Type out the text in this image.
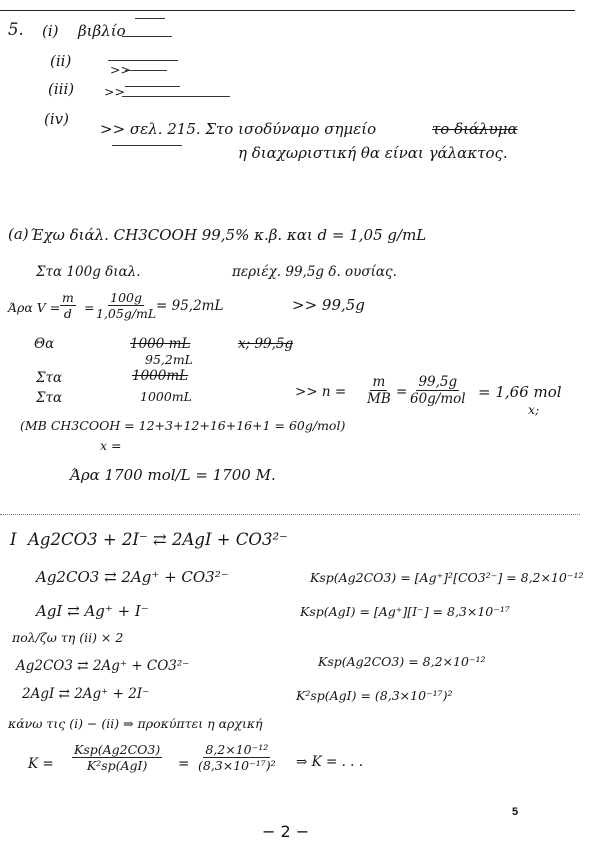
5. (i) βιβλίο
(ii)	>>
(iii) >>
(iv)
>> σελ. 215. Στο ισοδύναμο σημείο	το διάλυμα
η διαχωριστική θα είναι γάλακτος.
(a) Έχω διάλ. CH3COOH 99,5% κ.β. και d = 1,05 g/mL
Στα 100g διαλ.	περιέχ. 99,5g δ. ουσίας.
Άρα $V = \frac{m}{d} = \frac{100g}{1,05g/mL}$
= 95,2mL	>> 99,5g
Θα	1000 mL	x; 99,5g
95,2mL
Στα	1000mL
Στα	1000mL	>> $n = \frac{m}{MB}$ =
99,5g
60g/mol = 1,66 mol
x;
(MB CH3COOH = 12+3+12+16+16+1 = 60g/mol)
x =
Άρα 1700 mol/L = 1700 M.
I Ag2CO3 + 2I⁻ ⇄ 2AgI + CO3²⁻
Ag2CO3 ⇄ 2Ag⁺ + CO3²⁻	Ksp(Ag2CO3) = [Ag⁺]²[CO3²⁻] = 8,2×10⁻¹²
AgI ⇄ Ag⁺ + I⁻	Ksp(AgI) = [Ag⁺][I⁻] = 8,3×10⁻¹⁷
πολ/ζω τη (ii) × 2
Ag2CO3 ⇄ 2Ag⁺ + CO3²⁻	Ksp(Ag2CO3) = 8,2×10⁻¹²
2AgI ⇄ 2Ag⁺ + 2I⁻	K²sp(AgI) = (8,3×10⁻¹⁷)²
κάνω τις (i) − (ii) ⇒ προκύπτει η αρχική
K =
Ksp(Ag2CO3)
$K^2sp(AgI) = \frac{\text{8,2×10⁻¹²}}{\text{(8,3×10⁻¹⁷)²}}$ ⇒ K = . . .
5
− 2 −
